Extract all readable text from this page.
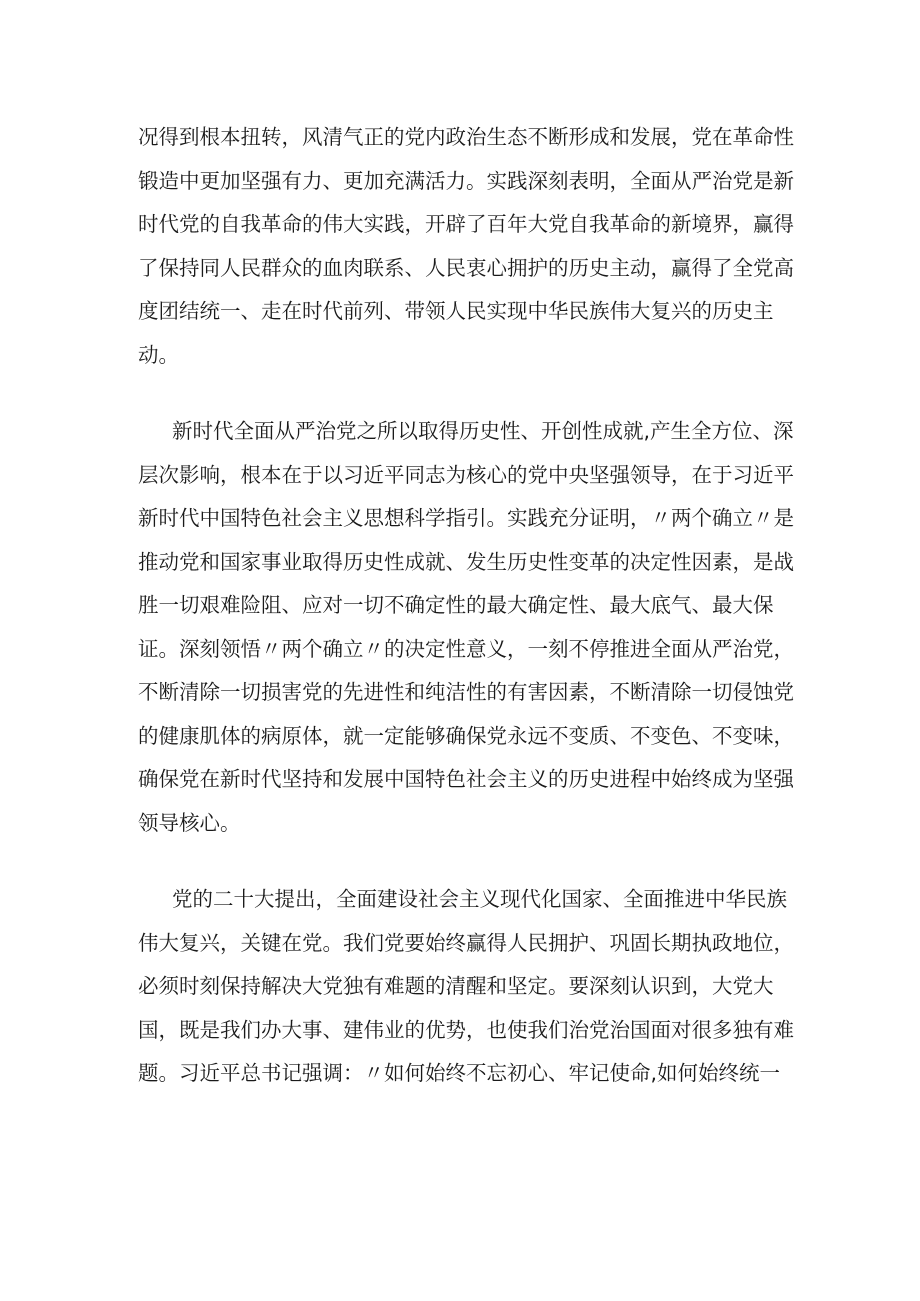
况得到根本扭转，风清气正的党内政治生态不断形成和发展，党在革命性
锻造中更加坚强有力、更加充满活力。实践深刻表明，全面从严治党是新
时代党的自我革命的伟大实践，开辟了百年大党自我革命的新境界，赢得
了保持同人民群众的血肉联系、人民衷心拥护的历史主动，赢得了全党高
度团结统一、走在时代前列、带领人民实现中华民族伟大复兴的历史主
动。
新时代全面从严治党之所以取得历史性、开创性成就,产生全方位、深
层次影响，根本在于以习近平同志为核心的党中央坚强领导，在于习近平
新时代中国特色社会主义思想科学指引。实践充分证明，〃两个确立〃是
推动党和国家事业取得历史性成就、发生历史性变革的决定性因素，是战
胜一切艰难险阻、应对一切不确定性的最大确定性、最大底气、最大保
证。深刻领悟〃两个确立〃的决定性意义，一刻不停推进全面从严治党，
不断清除一切损害党的先进性和纯洁性的有害因素，不断清除一切侵蚀党
的健康肌体的病原体，就一定能够确保党永远不变质、不变色、不变味，
确保党在新时代坚持和发展中国特色社会主义的历史进程中始终成为坚强
领导核心。
党的二十大提出，全面建设社会主义现代化国家、全面推进中华民族
伟大复兴，关键在党。我们党要始终赢得人民拥护、巩固长期执政地位，
必须时刻保持解决大党独有难题的清醒和坚定。要深刻认识到，大党大
国，既是我们办大事、建伟业的优势，也使我们治党治国面对很多独有难
题。习近平总书记强调：〃如何始终不忘初心、牢记使命,如何始终统一
